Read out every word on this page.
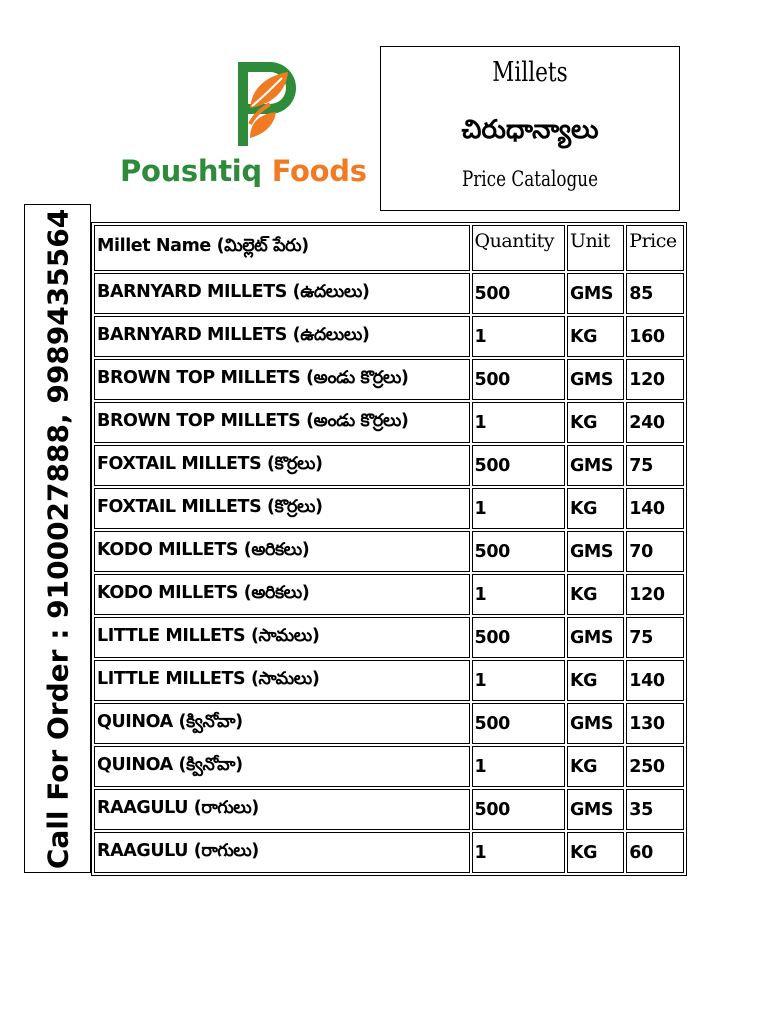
Poushtiq Foods
Millets
చిరుధాన్యాలు
Price Catalogue
Call For Order : 9100027888, 9989435564 Millet Name (మిల్లెట్ పేరు)	Quantity	Unit	Price
BARNYARD MILLETS (ఉదలులు)	500	GMS	85
BARNYARD MILLETS (ఉదలులు)	1	KG	160
BROWN TOP MILLETS (అండు కొర్రలు)	500	GMS	120
BROWN TOP MILLETS (అండు కొర్రలు)	1	KG	240
FOXTAIL MILLETS (కొర్రలు)	500	GMS	75
FOXTAIL MILLETS (కొర్రలు)	1	KG	140
KODO MILLETS (అరికలు)	500	GMS	70
KODO MILLETS (అరికలు)	1	KG	120
LITTLE MILLETS (సామలు)	500	GMS	75
LITTLE MILLETS (సామలు)	1	KG	140
QUINOA (క్వినోవా)	500	GMS	130
QUINOA (క్వినోవా)	1	KG	250
RAAGULU (రాగులు)	500	GMS	35
RAAGULU (రాగులు)	1	KG	60
